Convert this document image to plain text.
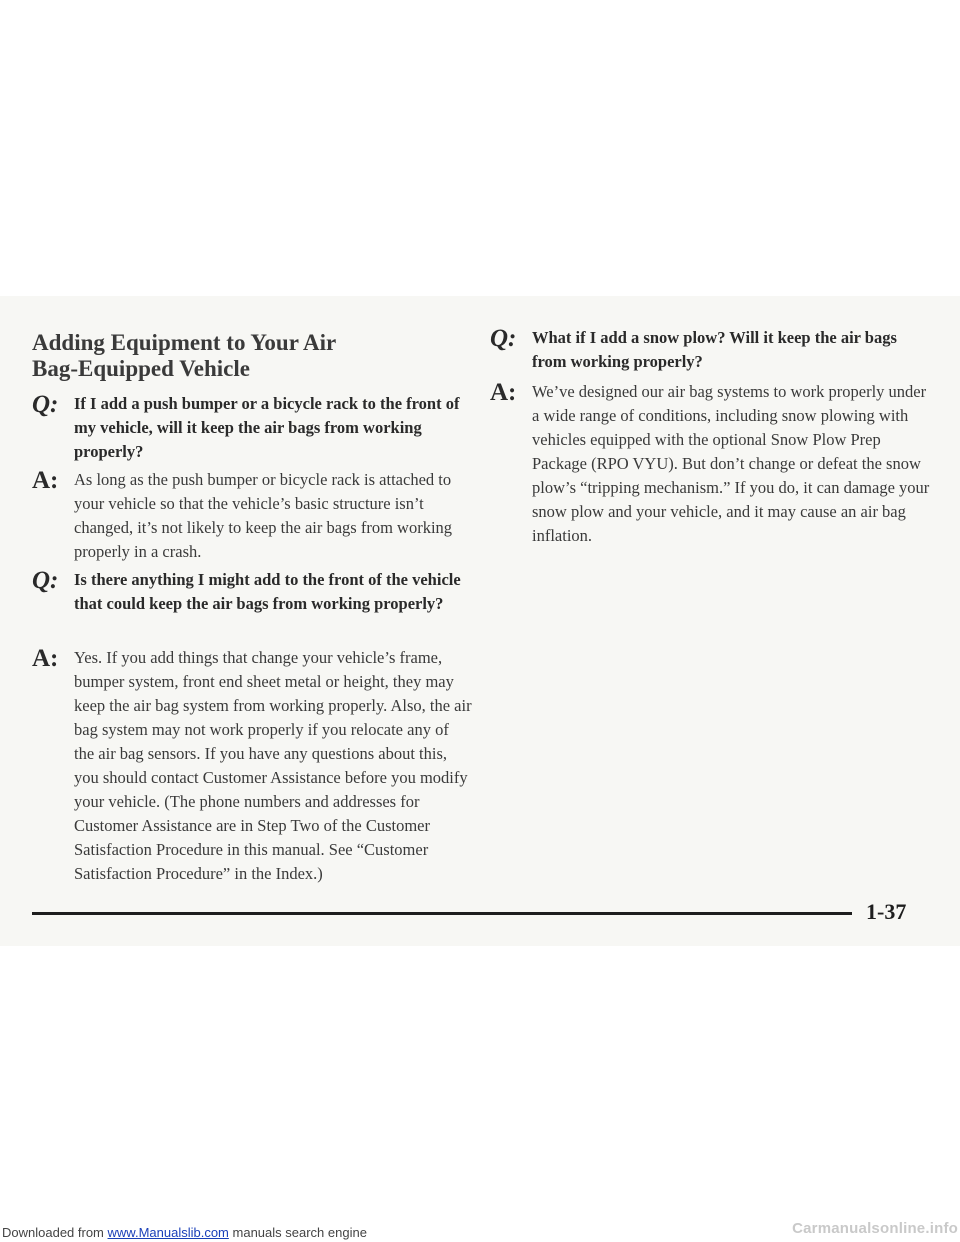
Adding Equipment to Your Air
Bag-Equipped Vehicle
Q: If I add a push bumper or a bicycle rack to the front of my vehicle, will it keep the air bags from working properly?

A: As long as the push bumper or bicycle rack is attached to your vehicle so that the vehicle’s basic structure isn’t changed, it’s not likely to keep the air bags from working properly in a crash.

Q: Is there anything I might add to the front of the vehicle that could keep the air bags from working properly?

A: Yes. If you add things that change your vehicle’s frame, bumper system, front end sheet metal or height, they may keep the air bag system from working properly. Also, the air bag system may not work properly if you relocate any of the air bag sensors. If you have any questions about this, you should contact Customer Assistance before you modify your vehicle. (The phone numbers and addresses for Customer Assistance are in Step Two of the Customer Satisfaction Procedure in this manual. See “Customer Satisfaction Procedure” in the Index.)

Q: What if I add a snow plow? Will it keep the air bags from working properly?

A: We’ve designed our air bag systems to work properly under a wide range of conditions, including snow plowing with vehicles equipped with the optional Snow Plow Prep Package (RPO VYU). But don’t change or defeat the snow plow’s “tripping mechanism.” If you do, it can damage your snow plow and your vehicle, and it may cause an air bag inflation.

1-37
Downloaded from www.Manualslib.com manuals search engine	Carmanualsonline.info
